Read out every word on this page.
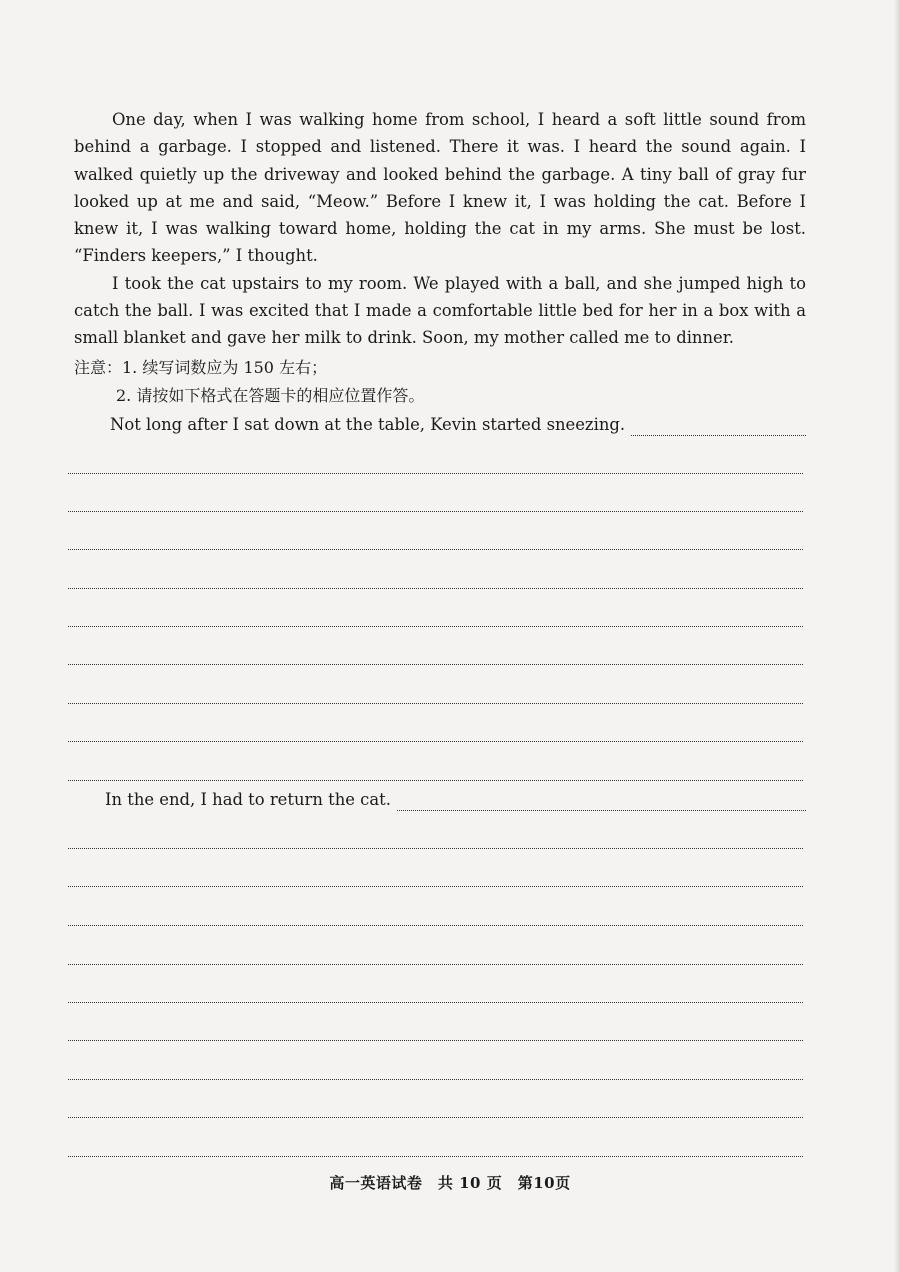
One day, when I was walking home from school, I heard a soft little sound from behind a garbage. I stopped and listened. There it was. I heard the sound again. I walked quietly up the driveway and looked behind the garbage. A tiny ball of gray fur looked up at me and said, “Meow.” Before I knew it, I was holding the cat. Before I knew it, I was walking toward home, holding the cat in my arms. She must be lost. “Finders keepers,” I thought.

I took the cat upstairs to my room. We played with a ball, and she jumped high to catch the ball. I was excited that I made a comfortable little bed for her in a box with a small blanket and gave her milk to drink. Soon, my mother called me to dinner.

注意：1. 续写词数应为 150 左右；
2. 请按如下格式在答题卡的相应位置作答。
Not long after I sat down at the table, Kevin started sneezing.
In the end, I had to return the cat.
高一英语试卷　共 10 页　第10页
